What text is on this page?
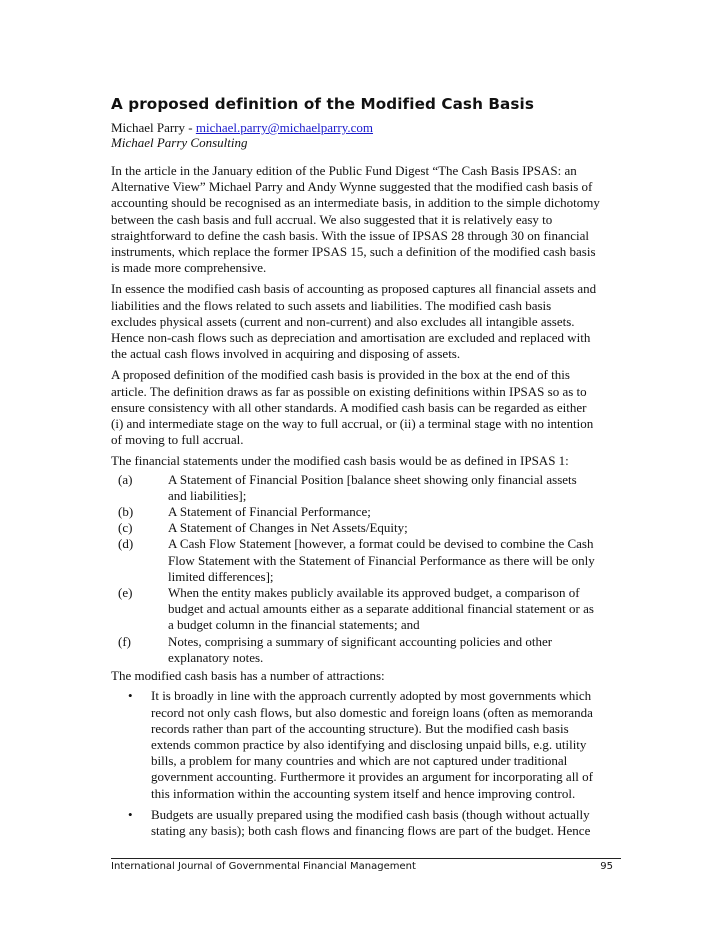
A proposed definition of the Modified Cash Basis
Michael Parry - michael.parry@michaelparry.com
Michael Parry Consulting

In the article in the January edition of the Public Fund Digest “The Cash Basis IPSAS: an
Alternative View” Michael Parry and Andy Wynne suggested that the modified cash basis of
accounting should be recognised as an intermediate basis, in addition to the simple dichotomy
between the cash basis and full accrual. We also suggested that it is relatively easy to
straightforward to define the cash basis. With the issue of IPSAS 28 through 30 on financial
instruments, which replace the former IPSAS 15, such a definition of the modified cash basis
is made more comprehensive.

In essence the modified cash basis of accounting as proposed captures all financial assets and
liabilities and the flows related to such assets and liabilities. The modified cash basis
excludes physical assets (current and non-current) and also excludes all intangible assets.
Hence non-cash flows such as depreciation and amortisation are excluded and replaced with
the actual cash flows involved in acquiring and disposing of assets.

A proposed definition of the modified cash basis is provided in the box at the end of this
article. The definition draws as far as possible on existing definitions within IPSAS so as to
ensure consistency with all other standards. A modified cash basis can be regarded as either
(i) and intermediate stage on the way to full accrual, or (ii) a terminal stage with no intention
of moving to full accrual.

The financial statements under the modified cash basis would be as defined in IPSAS 1:

(a)	A Statement of Financial Position [balance sheet showing only financial assets
and liabilities];
(b)	A Statement of Financial Performance;
(c)	A Statement of Changes in Net Assets/Equity;
(d)	A Cash Flow Statement [however, a format could be devised to combine the Cash
Flow Statement with the Statement of Financial Performance as there will be only
limited differences];
(e)	When the entity makes publicly available its approved budget, a comparison of
budget and actual amounts either as a separate additional financial statement or as
a budget column in the financial statements; and
(f)	Notes, comprising a summary of significant accounting policies and other
explanatory notes.

The modified cash basis has a number of attractions:

•	It is broadly in line with the approach currently adopted by most governments which
record not only cash flows, but also domestic and foreign loans (often as memoranda
records rather than part of the accounting structure). But the modified cash basis
extends common practice by also identifying and disclosing unpaid bills, e.g. utility
bills, a problem for many countries and which are not captured under traditional
government accounting. Furthermore it provides an argument for incorporating all of
this information within the accounting system itself and hence improving control.
•	Budgets are usually prepared using the modified cash basis (though without actually
stating any basis); both cash flows and financing flows are part of the budget. Hence
International Journal of Governmental Financial Management	95
